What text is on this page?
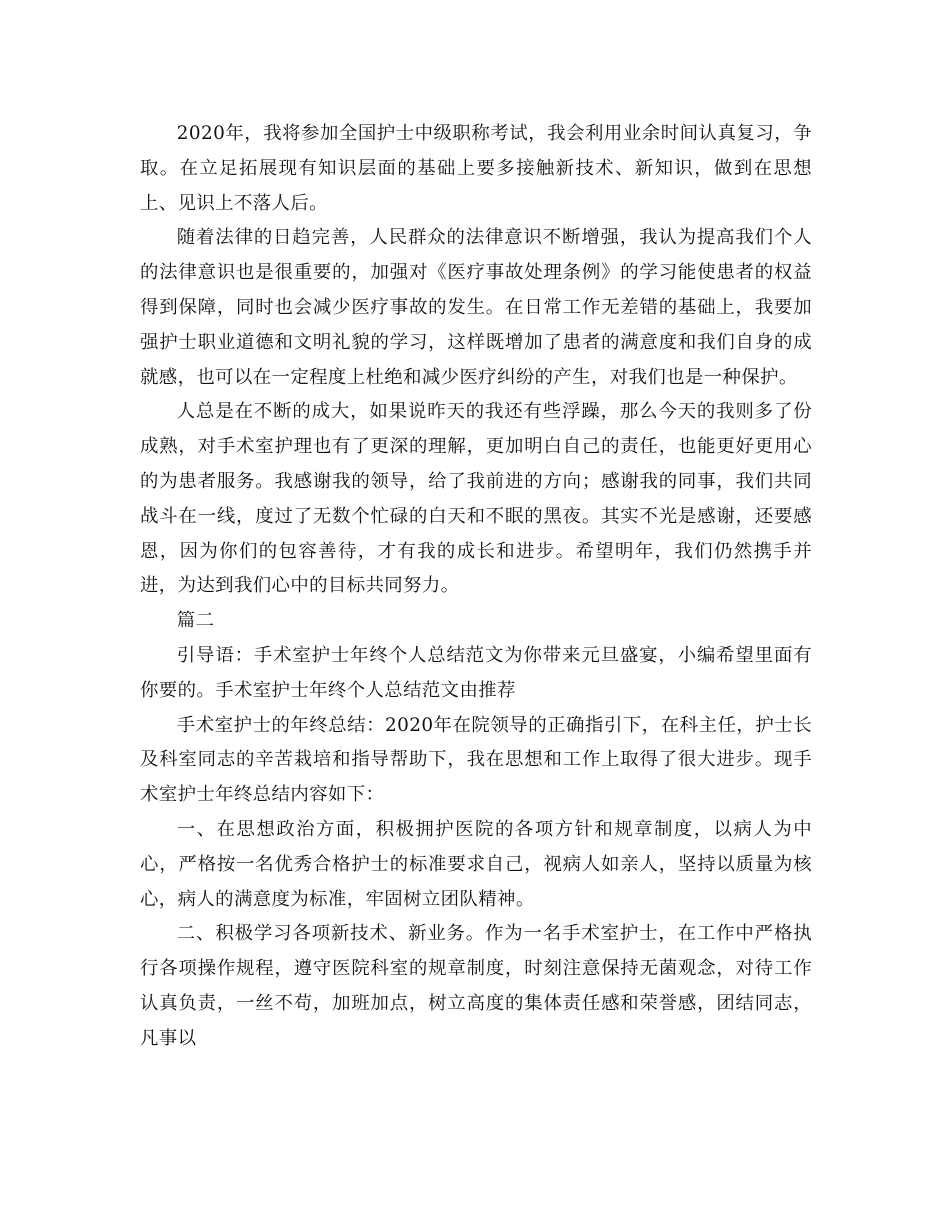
2020年，我将参加全国护士中级职称考试，我会利用业余时间认真复习，争取。在立足拓展现有知识层面的基础上要多接触新技术、新知识，做到在思想上、见识上不落人后。

随着法律的日趋完善，人民群众的法律意识不断增强，我认为提高我们个人的法律意识也是很重要的，加强对《医疗事故处理条例》的学习能使患者的权益得到保障，同时也会减少医疗事故的发生。在日常工作无差错的基础上，我要加强护士职业道德和文明礼貌的学习，这样既增加了患者的满意度和我们自身的成就感，也可以在一定程度上杜绝和减少医疗纠纷的产生，对我们也是一种保护。

人总是在不断的成大，如果说昨天的我还有些浮躁，那么今天的我则多了份成熟，对手术室护理也有了更深的理解，更加明白自己的责任，也能更好更用心的为患者服务。我感谢我的领导，给了我前进的方向；感谢我的同事，我们共同战斗在一线，度过了无数个忙碌的白天和不眠的黑夜。其实不光是感谢，还要感恩，因为你们的包容善待，才有我的成长和进步。希望明年，我们仍然携手并进，为达到我们心中的目标共同努力。

篇二

引导语：手术室护士年终个人总结范文为你带来元旦盛宴，小编希望里面有你要的。手术室护士年终个人总结范文由推荐

手术室护士的年终总结：2020年在院领导的正确指引下，在科主任，护士长及科室同志的辛苦栽培和指导帮助下，我在思想和工作上取得了很大进步。现手术室护士年终总结内容如下：

一、在思想政治方面，积极拥护医院的各项方针和规章制度，以病人为中心，严格按一名优秀合格护士的标准要求自己，视病人如亲人，坚持以质量为核心，病人的满意度为标准，牢固树立团队精神。

二、积极学习各项新技术、新业务。作为一名手术室护士，在工作中严格执行各项操作规程，遵守医院科室的规章制度，时刻注意保持无菌观念，对待工作认真负责，一丝不苟，加班加点，树立高度的集体责任感和荣誉感，团结同志，凡事以
